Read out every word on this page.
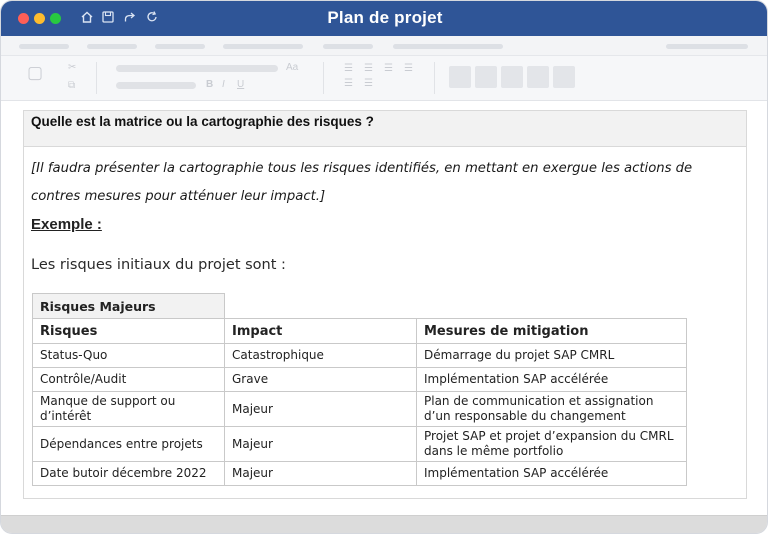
Plan de projet
▢ ✂
⧉
Aa
B I U
☰ ☰ ☰ ☰
☰ ☰
Quelle est la matrice ou la cartographie des risques ?
[Il faudra présenter la cartographie tous les risques identifiés, en mettant en exergue les actions de contres mesures pour atténuer leur impact.]
Exemple :
Les risques initiaux du projet sont :
Risques Majeurs		
Risques	Impact	Mesures de mitigation
Status-Quo	Catastrophique	Démarrage du projet SAP CMRL
Contrôle/Audit	Grave	Implémentation SAP accélérée
Manque de support ou d’intérêt	Majeur	Plan de communication et assignation d’un responsable du changement
Dépendances entre projets	Majeur	Projet SAP et projet d’expansion du CMRL dans le même portfolio
Date butoir décembre 2022	Majeur	Implémentation SAP accélérée
